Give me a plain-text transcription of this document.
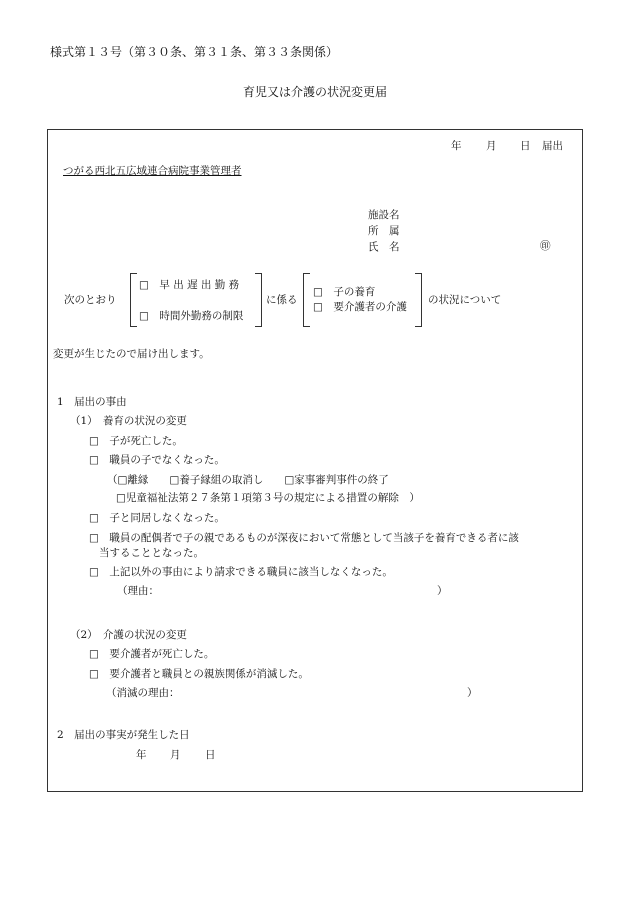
様式第１３号（第３０条、第３１条、第３３条関係）
育児又は介護の状況変更届
年 月 日 届出
つがる西北五広域連合病院事業管理者
施設名
所　属
氏　名	㊞
次のとおり
□　早 出 遅 出 勤 務
□　時間外勤務の制限
に係る
□　子の養育
□　要介護者の介護
の状況について
変更が生じたので届け出します。
1　届出の事由
（1）　養育の状況の変更
□　子が死亡した。
□　職員の子でなくなった。
（□離縁　　□養子縁組の取消し　　□家事審判事件の終了
□児童福祉法第２７条第１項第３号の規定による措置の解除　）
□　子と同居しなくなった。
□　職員の配偶者で子の親であるものが深夜において常態として当該子を養育できる者に該
当することとなった。
□　上記以外の事由により請求できる職員に該当しなくなった。
（理由：	）
（2）　介護の状況の変更
□　要介護者が死亡した。
□　要介護者と職員との親族関係が消滅した。
（消滅の理由：	）
2　届出の事実が発生した日
年 月 日
